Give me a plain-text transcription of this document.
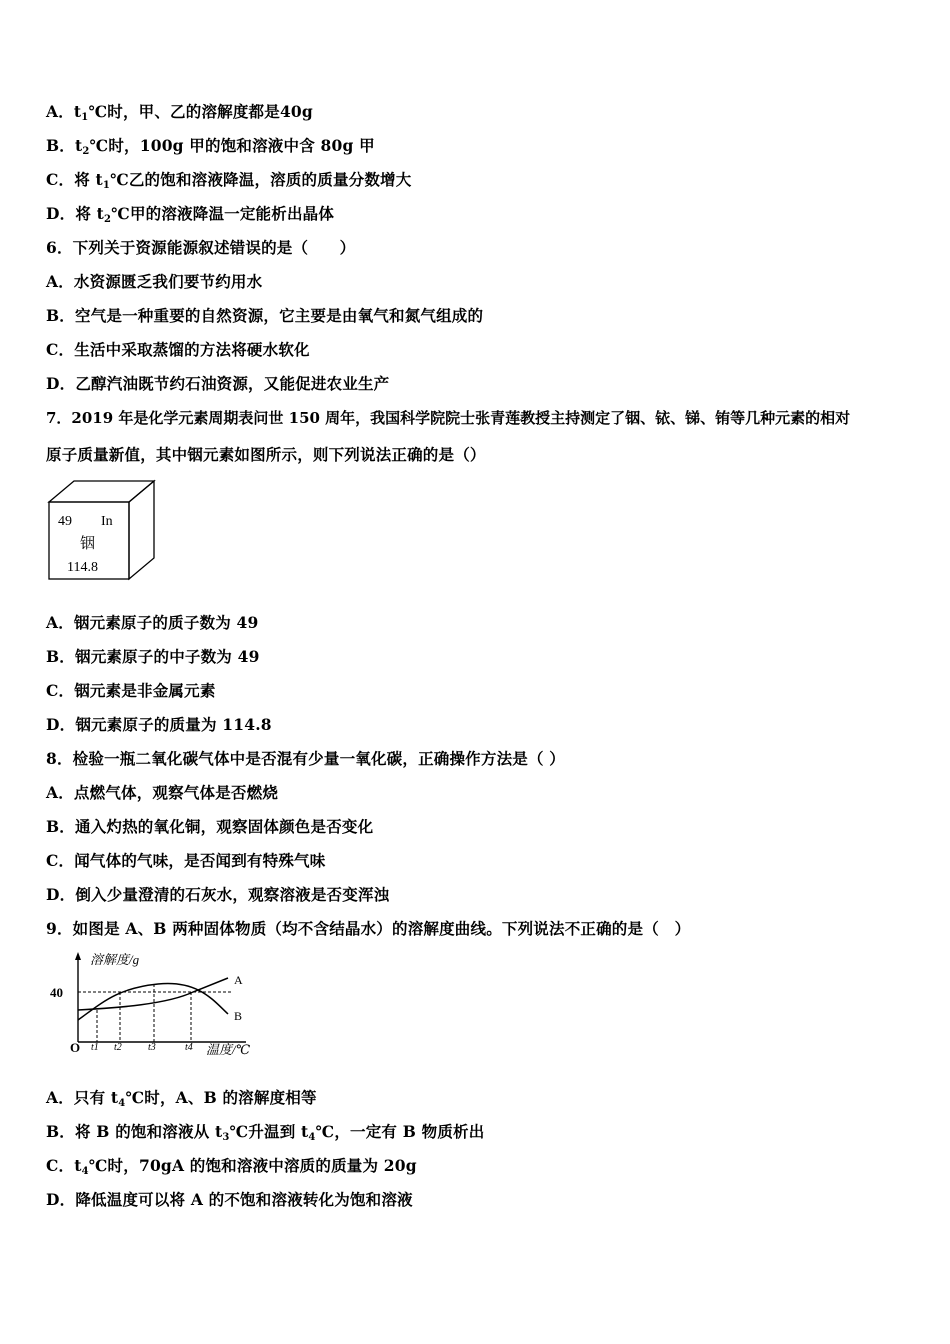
A．$t_1℃$时，甲、乙的溶解度都是40g
B．$t_2℃$时，100g 甲的饱和溶液中含 80g 甲
C．将 $t_1℃$乙的饱和溶液降温，溶质的质量分数增大
D．将 $t_2℃$甲的溶液降温一定能析出晶体
6．下列关于资源能源叙述错误的是（　　）
A．水资源匮乏我们要节约用水
B．空气是一种重要的自然资源，它主要是由氧气和氮气组成的
C．生活中采取蒸馏的方法将硬水软化
D．乙醇汽油既节约石油资源，又能促进农业生产
7．2019 年是化学元素周期表问世 150 周年，我国科学院院士张青莲教授主持测定了铟、铱、锑、铕等几种元素的相对
原子质量新值，其中铟元素如图所示，则下列说法正确的是（）
49 In
铟
114.8
A．铟元素原子的质子数为 49
B．铟元素原子的中子数为 49
C．铟元素是非金属元素
D．铟元素原子的质量为 114.8
8．检验一瓶二氧化碳气体中是否混有少量一氧化碳，正确操作方法是（ ）
A．点燃气体，观察气体是否燃烧
B．通入灼热的氧化铜，观察固体颜色是否变化
C．闻气体的气味，是否闻到有特殊气味
D．倒入少量澄清的石灰水，观察溶液是否变浑浊
9．如图是 A、B 两种固体物质（均不含结晶水）的溶解度曲线。下列说法不正确的是（　）
溶解度/g
温度/℃
O
40
A
B
t1 t2	t3	t4
A．只有 $t_4℃$时，A、B 的溶解度相等
B．将 B 的饱和溶液从 $t_3℃$升温到 $t_4℃$，一定有 B 物质析出
C．$t_4℃$时，70gA 的饱和溶液中溶质的质量为 20g
D．降低温度可以将 A 的不饱和溶液转化为饱和溶液
